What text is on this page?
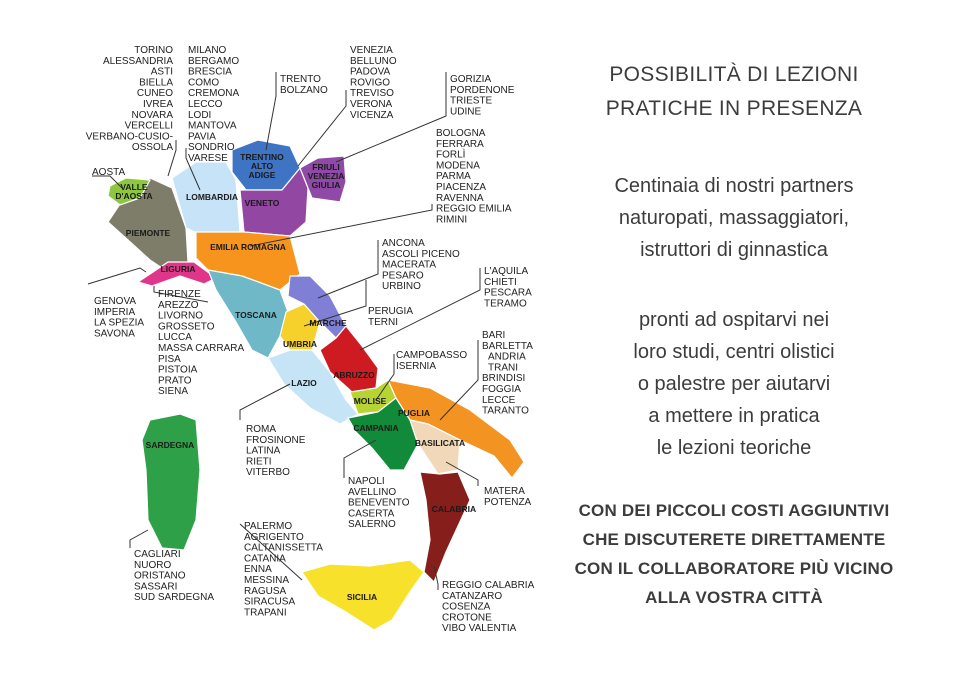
VALLE D'AOSTA
PIEMONTE
LOMBARDIA
TRENTINO ALTO ADIGE
VENETO
FRIULI VENEZIA GIULIA
LIGURIA
EMILIA ROMAGNA
TOSCANA
UMBRIA
MARCHE
LAZIO
ABRUZZO
MOLISE
CAMPANIA
PUGLIA
BASILICATA
CALABRIA
SICILIA
SARDEGNA
TORINO ALESSANDRIA ASTI BIELLA CUNEO IVREA NOVARA VERCELLI VERBANO-CUSIO-OSSOLA
MILANO BERGAMO BRESCIA COMO CREMONA LECCO LODI MANTOVA PAVIA SONDRIO VARESE
TRENTO BOLZANO
VENEZIA BELLUNO PADOVA ROVIGO TREVISO VERONA VICENZA
GORIZIA PORDENONE TRIESTE UDINE
BOLOGNA FERRARA FORLÌ MODENA PARMA PIACENZA RAVENNA REGGIO EMILIA RIMINI
AOSTA
ANCONA ASCOLI PICENO MACERATA PESARO URBINO
L'AQUILA CHIETI PESCARA TERAMO
PERUGIA TERNI
GENOVA IMPERIA LA SPEZIA SAVONA
FIRENZE AREZZO LIVORNO GROSSETO LUCCA MASSA CARRARA PISA PISTOIA PRATO SIENA
CAMPOBASSO ISERNIA
BARI BARLETTA ANDRIA TRANI BRINDISI FOGGIA LECCE TARANTO
ROMA FROSINONE LATINA RIETI VITERBO
NAPOLI AVELLINO BENEVENTO CASERTA SALERNO
MATERA POTENZA
PALERMO AGRIGENTO CALTANISSETTA CATANIA ENNA MESSINA RAGUSA SIRACUSA TRAPANI
CAGLIARI NUORO ORISTANO SASSARI SUD SARDEGNA
REGGIO CALABRIA CATANZARO COSENZA CROTONE VIBO VALENTIA
POSSIBILITÀ DI LEZIONI
PRATICHE IN PRESENZA
Centinaia di nostri partners
naturopati, massaggiatori,
istruttori di ginnastica
pronti ad ospitarvi nei
loro studi, centri olistici
o palestre per aiutarvi
a mettere in pratica
le lezioni teoriche
CON DEI PICCOLI COSTI AGGIUNTIVI
CHE DISCUTERETE DIRETTAMENTE
CON IL COLLABORATORE PIÙ VICINO
ALLA VOSTRA CITTÀ
